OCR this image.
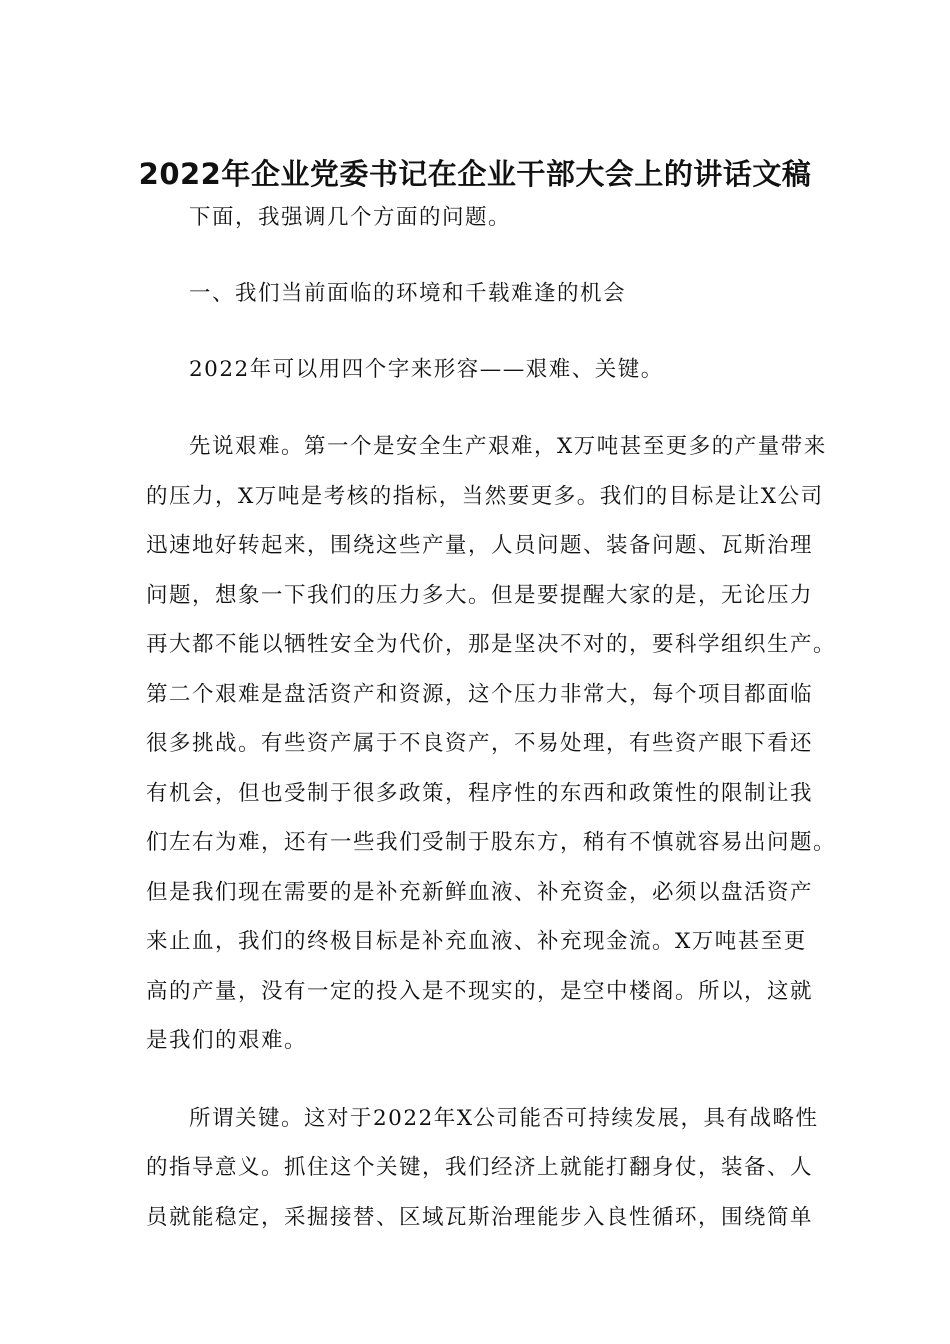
2022年企业党委书记在企业干部大会上的讲话文稿

下面，我强调几个方面的问题。

一、我们当前面临的环境和千载难逢的机会

2022年可以用四个字来形容——艰难、关键。

先说艰难。第一个是安全生产艰难，X万吨甚至更多的产量带来
的压力，X万吨是考核的指标，当然要更多。我们的目标是让X公司
迅速地好转起来，围绕这些产量，人员问题、装备问题、瓦斯治理
问题，想象一下我们的压力多大。但是要提醒大家的是，无论压力
再大都不能以牺牲安全为代价，那是坚决不对的，要科学组织生产。
第二个艰难是盘活资产和资源，这个压力非常大，每个项目都面临
很多挑战。有些资产属于不良资产，不易处理，有些资产眼下看还
有机会，但也受制于很多政策，程序性的东西和政策性的限制让我
们左右为难，还有一些我们受制于股东方，稍有不慎就容易出问题。
但是我们现在需要的是补充新鲜血液、补充资金，必须以盘活资产
来止血，我们的终极目标是补充血液、补充现金流。X万吨甚至更
高的产量，没有一定的投入是不现实的，是空中楼阁。所以，这就
是我们的艰难。
所谓关键。这对于2022年X公司能否可持续发展，具有战略性
的指导意义。抓住这个关键，我们经济上就能打翻身仗，装备、人
员就能稳定，采掘接替、区域瓦斯治理能步入良性循环，围绕简单
